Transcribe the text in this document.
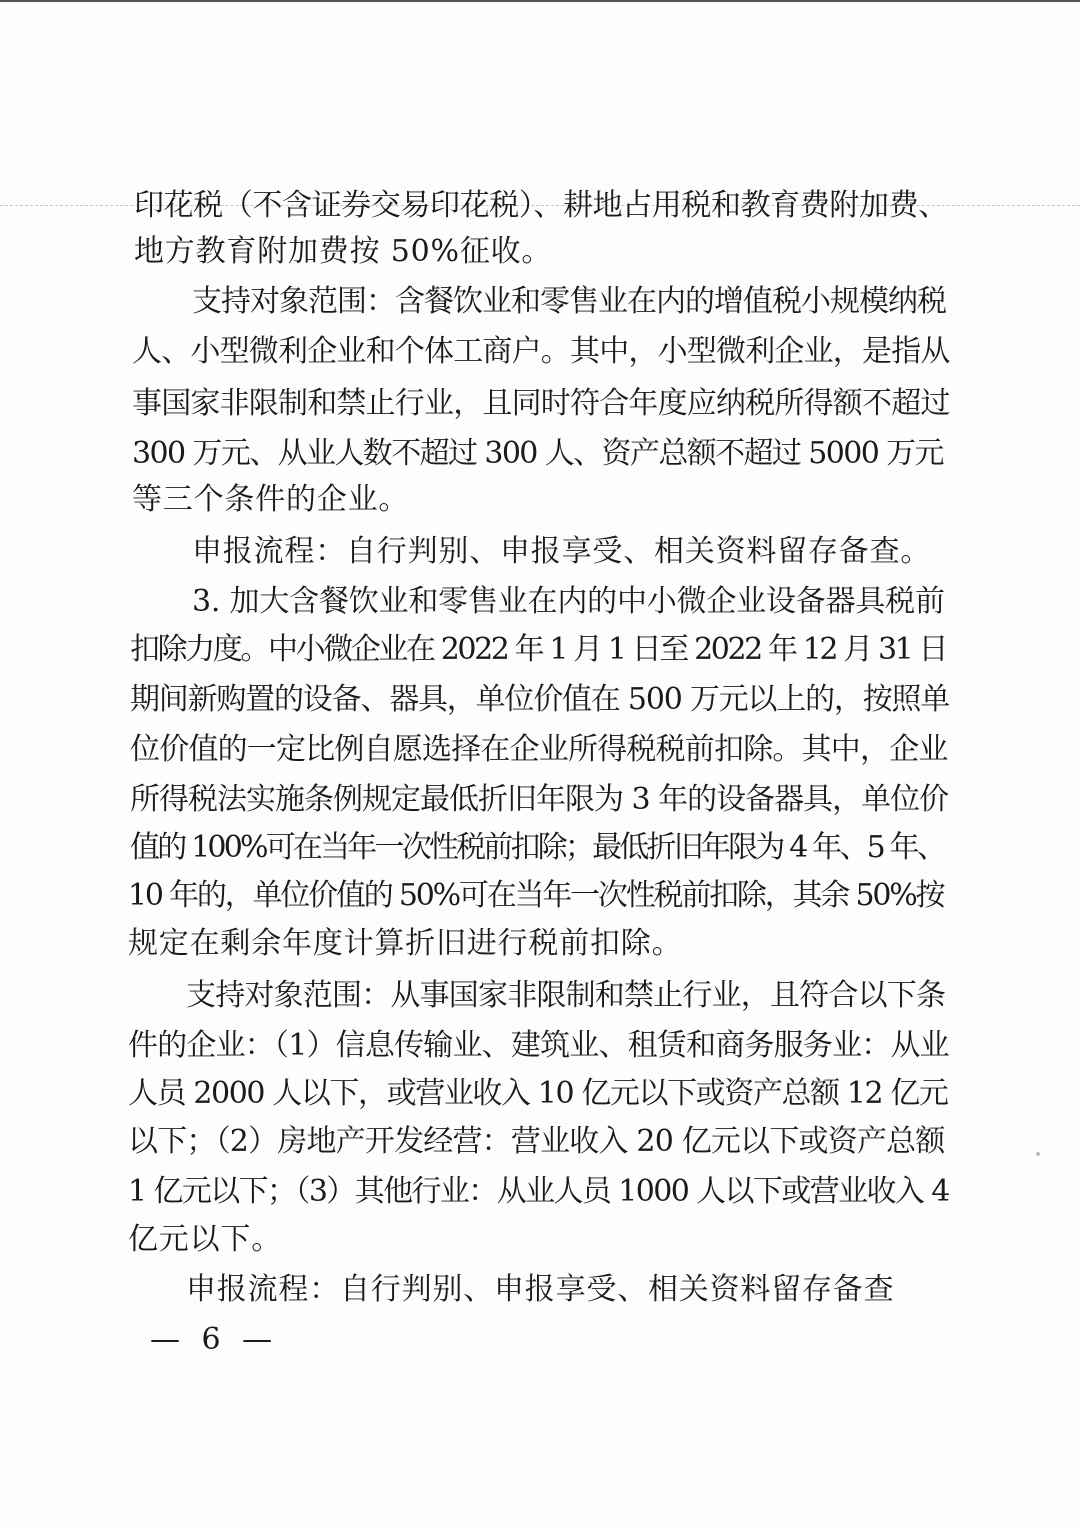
印花税（不含证券交易印花税）、耕地占用税和教育费附加费、
地方教育附加费按 50%征收。
支持对象范围：含餐饮业和零售业在内的增值税小规模纳税
人、小型微利企业和个体工商户。其中，小型微利企业，是指从
事国家非限制和禁止行业，且同时符合年度应纳税所得额不超过
300 万元、从业人数不超过 300 人、资产总额不超过 5000 万元
等三个条件的企业。
申报流程：自行判别、申报享受、相关资料留存备查。
3. 加大含餐饮业和零售业在内的中小微企业设备器具税前
扣除力度。中小微企业在 2022 年 1 月 1 日至 2022 年 12 月 31 日
期间新购置的设备、器具，单位价值在 500 万元以上的，按照单
位价值的一定比例自愿选择在企业所得税税前扣除。其中，企业
所得税法实施条例规定最低折旧年限为 3 年的设备器具，单位价
值的 100%可在当年一次性税前扣除；最低折旧年限为 4 年、5 年、
10 年的，单位价值的 50%可在当年一次性税前扣除，其余 50%按
规定在剩余年度计算折旧进行税前扣除。
支持对象范围：从事国家非限制和禁止行业，且符合以下条
件的企业：（1）信息传输业、建筑业、租赁和商务服务业：从业
人员 2000 人以下，或营业收入 10 亿元以下或资产总额 12 亿元
以下；（2）房地产开发经营：营业收入 20 亿元以下或资产总额
1 亿元以下；（3）其他行业：从业人员 1000 人以下或营业收入 4
亿元以下。
申报流程：自行判别、申报享受、相关资料留存备查
— 6 —
